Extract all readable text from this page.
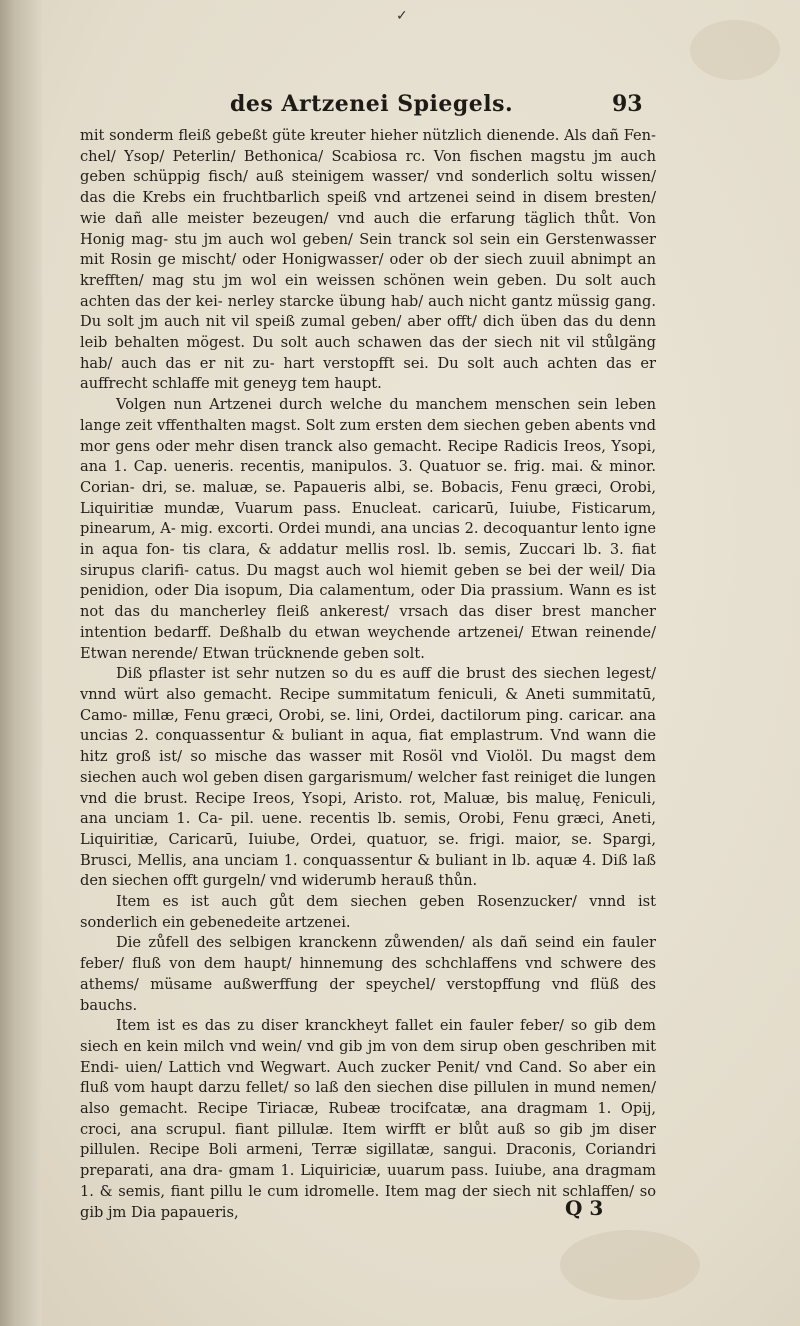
✓
des Artzenei Spiegels.	93

mit sonderm fleiß gebeßt güte kreuter hieher nützlich dienende. Als dañ Fen- chel/ Ysop/ Peterlin/ Bethonica/ Scabiosa rc. Von fischen magstu jm auch geben schüppig fisch/ auß steinigem wasser/ vnd sonderlich soltu wissen/ das die Krebs ein fruchtbarlich speiß vnd artzenei seind in disem bresten/ wie dañ alle meister bezeugen/ vnd auch die erfarung täglich thůt. Von Honig mag- stu jm auch wol geben/ Sein tranck sol sein ein Gerstenwasser mit Rosin ge mischt/ oder Honigwasser/ oder ob der siech zuuil abnimpt an krefften/ mag stu jm wol ein weissen schönen wein geben. Du solt auch achten das der kei- nerley starcke übung hab/ auch nicht gantz müssig gang. Du solt jm auch nit vil speiß zumal geben/ aber offt/ dich üben das du denn leib behalten mögest. Du solt auch schawen das der siech nit vil stůlgäng hab/ auch das er nit zu- hart verstopfft sei. Du solt auch achten das er auffrecht schlaffe mit geneyg tem haupt.

Volgen nun Artzenei durch welche du manchem menschen sein leben lange zeit vffenthalten magst. Solt zum ersten dem siechen geben abents vnd mor gens oder mehr disen tranck also gemacht. Recipe Radicis Ireos, Ysopi, ana 1. Cap. ueneris. recentis, manipulos. 3. Quatuor se. frig. mai. & minor. Corian- dri, se. maluæ, se. Papaueris albi, se. Bobacis, Fenu græci, Orobi, Liquiritiæ mundæ, Vuarum pass. Enucleat. caricarū, Iuiube, Fisticarum, pinearum, A- mig. excorti. Ordei mundi, ana uncias 2. decoquantur lento igne in aqua fon- tis clara, & addatur mellis rosl. lb. semis, Zuccari lb. 3. fiat sirupus clarifi- catus. Du magst auch wol hiemit geben se bei der weil/ Dia penidion, oder Dia isopum, Dia calamentum, oder Dia prassium. Wann es ist not das du mancherley fleiß ankerest/ vrsach das diser brest mancher intention bedarff. Deßhalb du etwan weychende artzenei/ Etwan reinende/ Etwan nerende/ Etwan trücknende geben solt.

Diß pflaster ist sehr nutzen so du es auff die brust des siechen legest/ vnnd würt also gemacht. Recipe summitatum feniculi, & Aneti summitatū, Camo- millæ, Fenu græci, Orobi, se. lini, Ordei, dactilorum ping. caricar. ana uncias 2. conquassentur & buliant in aqua, fiat emplastrum. Vnd wann die hitz groß ist/ so mische das wasser mit Rosöl vnd Violöl. Du magst dem siechen auch wol geben disen gargarismum/ welcher fast reiniget die lungen vnd die brust. Recipe Ireos, Ysopi, Aristo. rot, Maluæ, bis maluę, Feniculi, ana unciam 1. Ca- pil. uene. recentis lb. semis, Orobi, Fenu græci, Aneti, Liquiritiæ, Caricarū, Iuiube, Ordei, quatuor, se. frigi. maior, se. Spargi, Brusci, Mellis, ana unciam 1. conquassentur & buliant in lb. aquæ 4. Diß laß den siechen offt gurgeln/ vnd widerumb herauß thůn.

Item es ist auch gůt dem siechen geben Rosenzucker/ vnnd ist sonderlich ein gebenedeite artzenei.

Die zůfell des selbigen kranckenn zůwenden/ als dañ seind ein fauler feber/ fluß von dem haupt/ hinnemung des schchlaffens vnd schwere des athems/ müsame außwerffung der speychel/ verstopffung vnd flüß des bauchs.

Item ist es das zu diser kranckheyt fallet ein fauler feber/ so gib dem siech en kein milch vnd wein/ vnd gib jm von dem sirup oben geschriben mit Endi- uien/ Lattich vnd Wegwart. Auch zucker Penit/ vnd Cand. So aber ein fluß vom haupt darzu fellet/ so laß den siechen dise pillulen in mund nemen/ also gemacht. Recipe Tiriacæ, Rubeæ trocifcatæ, ana dragmam 1. Opij, croci, ana scrupul. fiant pillulæ. Item wirfft er blůt auß so gib jm diser pillulen. Recipe Boli armeni, Terræ sigillatæ, sangui. Draconis, Coriandri preparati, ana dra- gmam 1. Liquiriciæ, uuarum pass. Iuiube, ana dragmam 1. & semis, fiant pillu le cum idromelle. Item mag der siech nit schlaffen/ so gib jm Dia papaueris,	Q 3
